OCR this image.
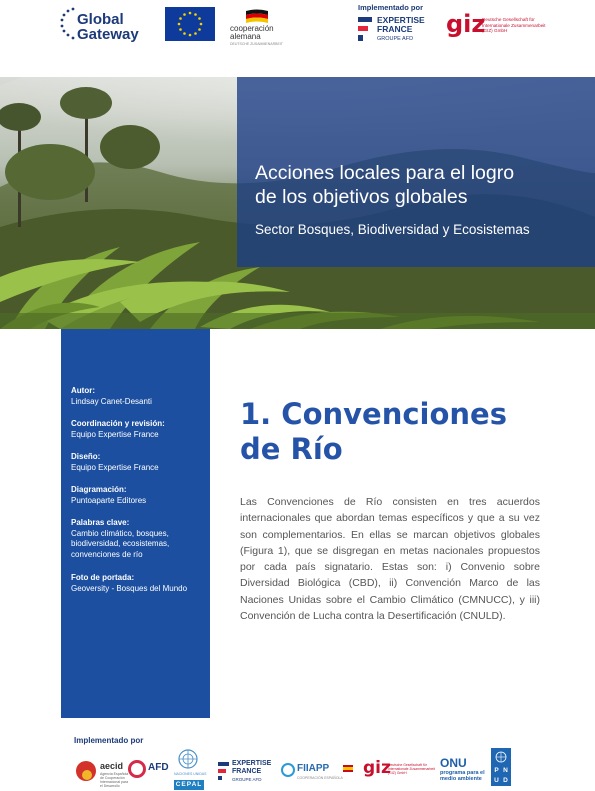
Global Gateway	cooperación alemana
DEUTSCHE ZUSAMMENARBEIT
Implementado por
EXPERTISE
FRANCE
GROUPE AFD
giz
Deutsche Gesellschaft für Internationale Zusammenarbeit (GIZ) GmbH
Acciones locales para el logro
de los objetivos globales
Sector Bosques, Biodiversidad y Ecosistemas
Autor:
Lindsay Canet-Desanti
Coordinación y revisión:
Equipo Expertise France
Diseño:
Equipo Expertise France
Diagramación:
Puntoaparte Editores
Palabras clave:
Cambio climático, bosques, biodiversidad, ecosistemas, convenciones de río
Foto de portada:
Geoversity - Bosques del Mundo
1. Convenciones
de Río
Las Convenciones de Río consisten en tres acuerdos internacionales que abordan temas específicos y que a su vez son complementarios. En ellas se marcan objetivos globales (Figura 1), que se disgregan en metas nacionales propuestos por cada país signatario. Estas son: i) Convenio sobre Diversidad Biológica (CBD), ii) Convención Marco de las Naciones Unidas sobre el Cambio Climático (CMNUCC), y iii) Convención de Lucha contra la Desertificación (CNULD).
Implementado por
aecid
Agencia Española de Cooperación Internacional para el Desarrollo
AFD
NACIONES UNIDAS
CEPAL
EXPERTISE
FRANCE
GROUPE AFD
FIIAPP
COOPERACIÓN ESPAÑOLA giz
Deutsche Gesellschaft für Internationale Zusammenarbeit (GIZ) GmbH
ONU
programa para el medio ambiente
P N
U D
